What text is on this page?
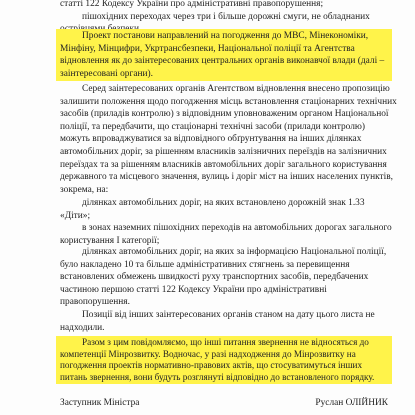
статті 122 Кодексу України про адміністративні правопорушення;
пішохідних переходах через три і більше дорожні смуги, не обладнаних
Проект постанови направлений на погодження до МВС, Мінекономіки,
Мінфіну, Мінцифри, Укртрансбезпеки, Національної поліції та Агентства
відновлення як до заінтересованих центральних органів виконавчої влади (далі –
заінтересовані органи).
Серед заінтересованих органів Агентством відновлення внесено пропозицію
залишити положення щодо погодження місць встановлення стаціонарних технічних
засобів (приладів контролю) з відповідним уповноваженим органом Національної
поліції, та передбачити, що стаціонарні технічні засоби (прилади контролю)
можуть впроваджуватися за відповідного обґрунтування на інших ділянках
автомобільних доріг, за рішенням власників залізничних переїздів на залізничних
переїздах та за рішенням власників автомобільних доріг загального користування
державного та місцевого значення, вулиць і доріг міст на інших населених пунктів,
зокрема, на:
ділянках автомобільних доріг, на яких встановлено дорожній знак 1.33
«Діти»;
в зонах наземних пішохідних переходів на автомобільних дорогах загального
користування I категорії;
ділянках автомобільних доріг, на яких за інформацією Національної поліції,
було накладено 10 та більше адміністративних стягнень за перевищення
встановлених обмежень швидкості руху транспортних засобів, передбачених
частиною першою статті 122 Кодексу України про адміністративні
правопорушення.
Позиції від інших заінтересованих органів станом на дату цього листа не
надходили.
Разом з цим повідомляємо, що інші питання звернення не відносяться до
компетенції Мінрозвитку. Водночас, у разі надходження до Мінрозвитку на
погодження проектів нормативно-правових актів, що стосуватимуться інших
питань звернення, вони будуть розглянуті відповідно до встановленого порядку.
Заступник Міністра	Руслан ОЛІЙНИК
